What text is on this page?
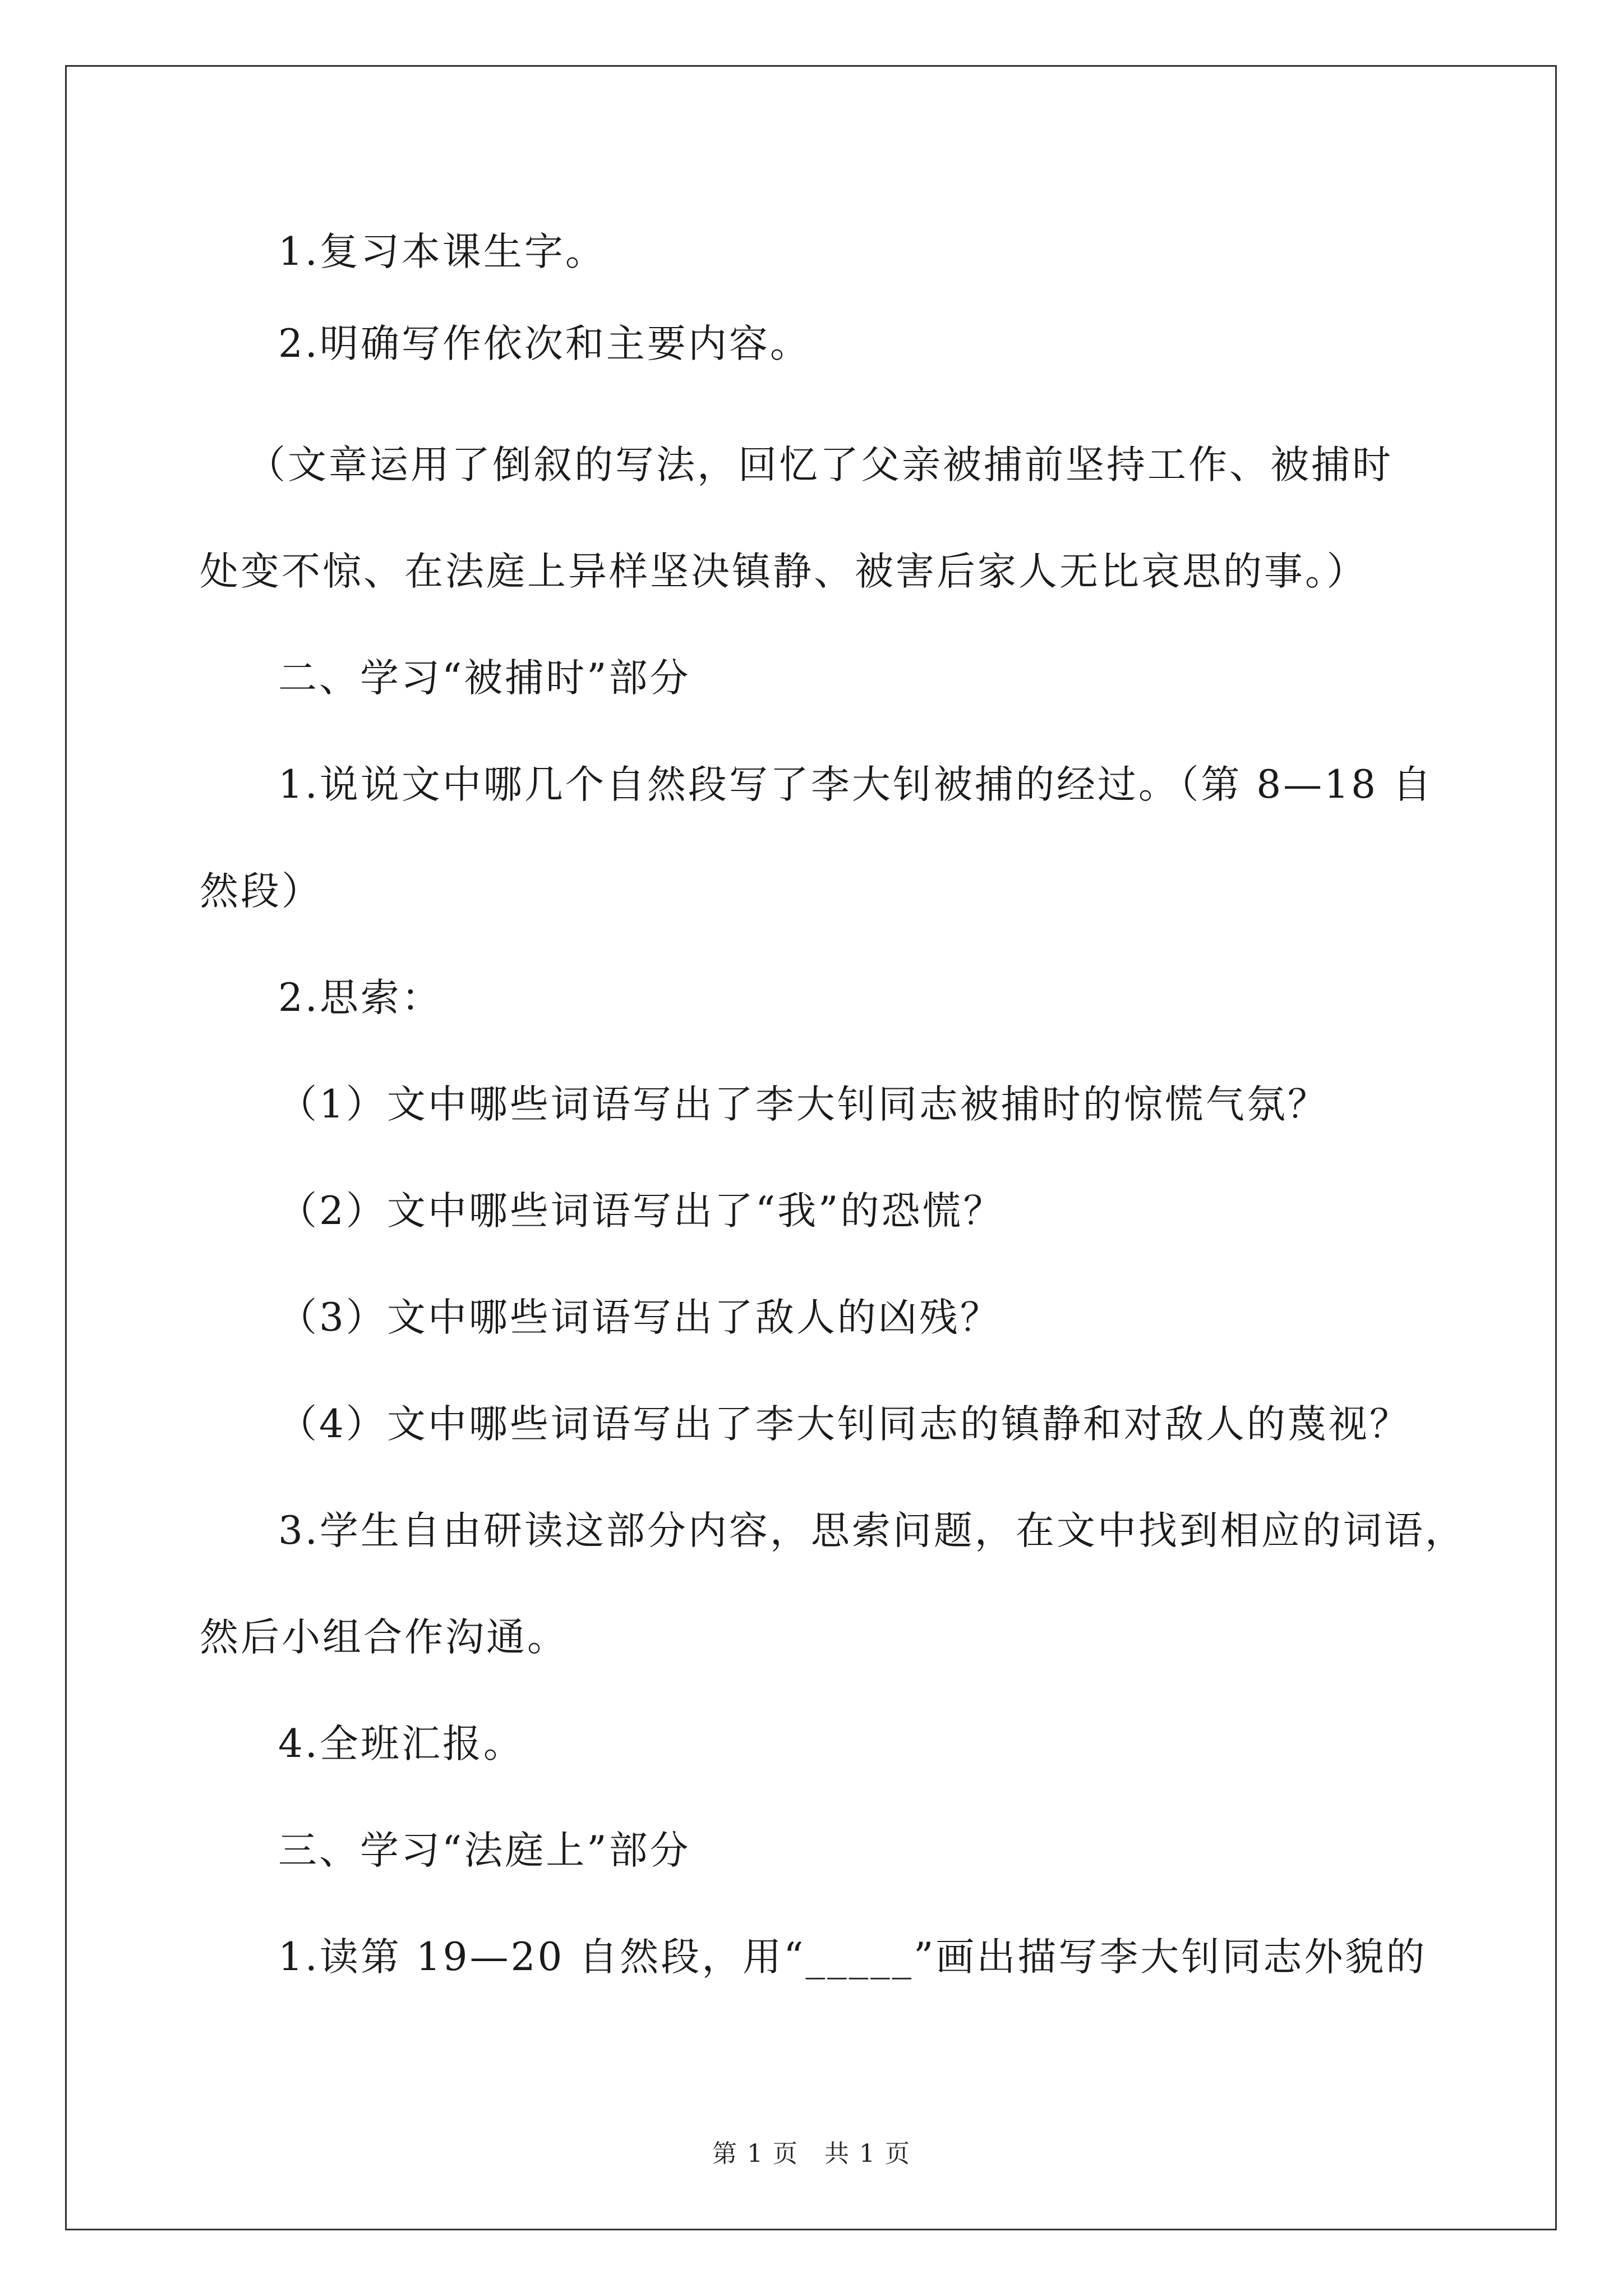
1.复习本课生字。
2.明确写作依次和主要内容。
（文章运用了倒叙的写法，回忆了父亲被捕前坚持工作、被捕时
处变不惊、在法庭上异样坚决镇静、被害后家人无比哀思的事。）
二、学习“被捕时”部分
1.说说文中哪几个自然段写了李大钊被捕的经过。（第 8—18 自
然段）
2.思索：
（1）文中哪些词语写出了李大钊同志被捕时的惊慌气氛？
（2）文中哪些词语写出了“我”的恐慌？
（3）文中哪些词语写出了敌人的凶残？
（4）文中哪些词语写出了李大钊同志的镇静和对敌人的蔑视？
3.学生自由研读这部分内容，思索问题，在文中找到相应的词语，
然后小组合作沟通。
4.全班汇报。
三、学习“法庭上”部分
1.读第 19—20 自然段，用“_____”画出描写李大钊同志外貌的
第 1 页　共 1 页
